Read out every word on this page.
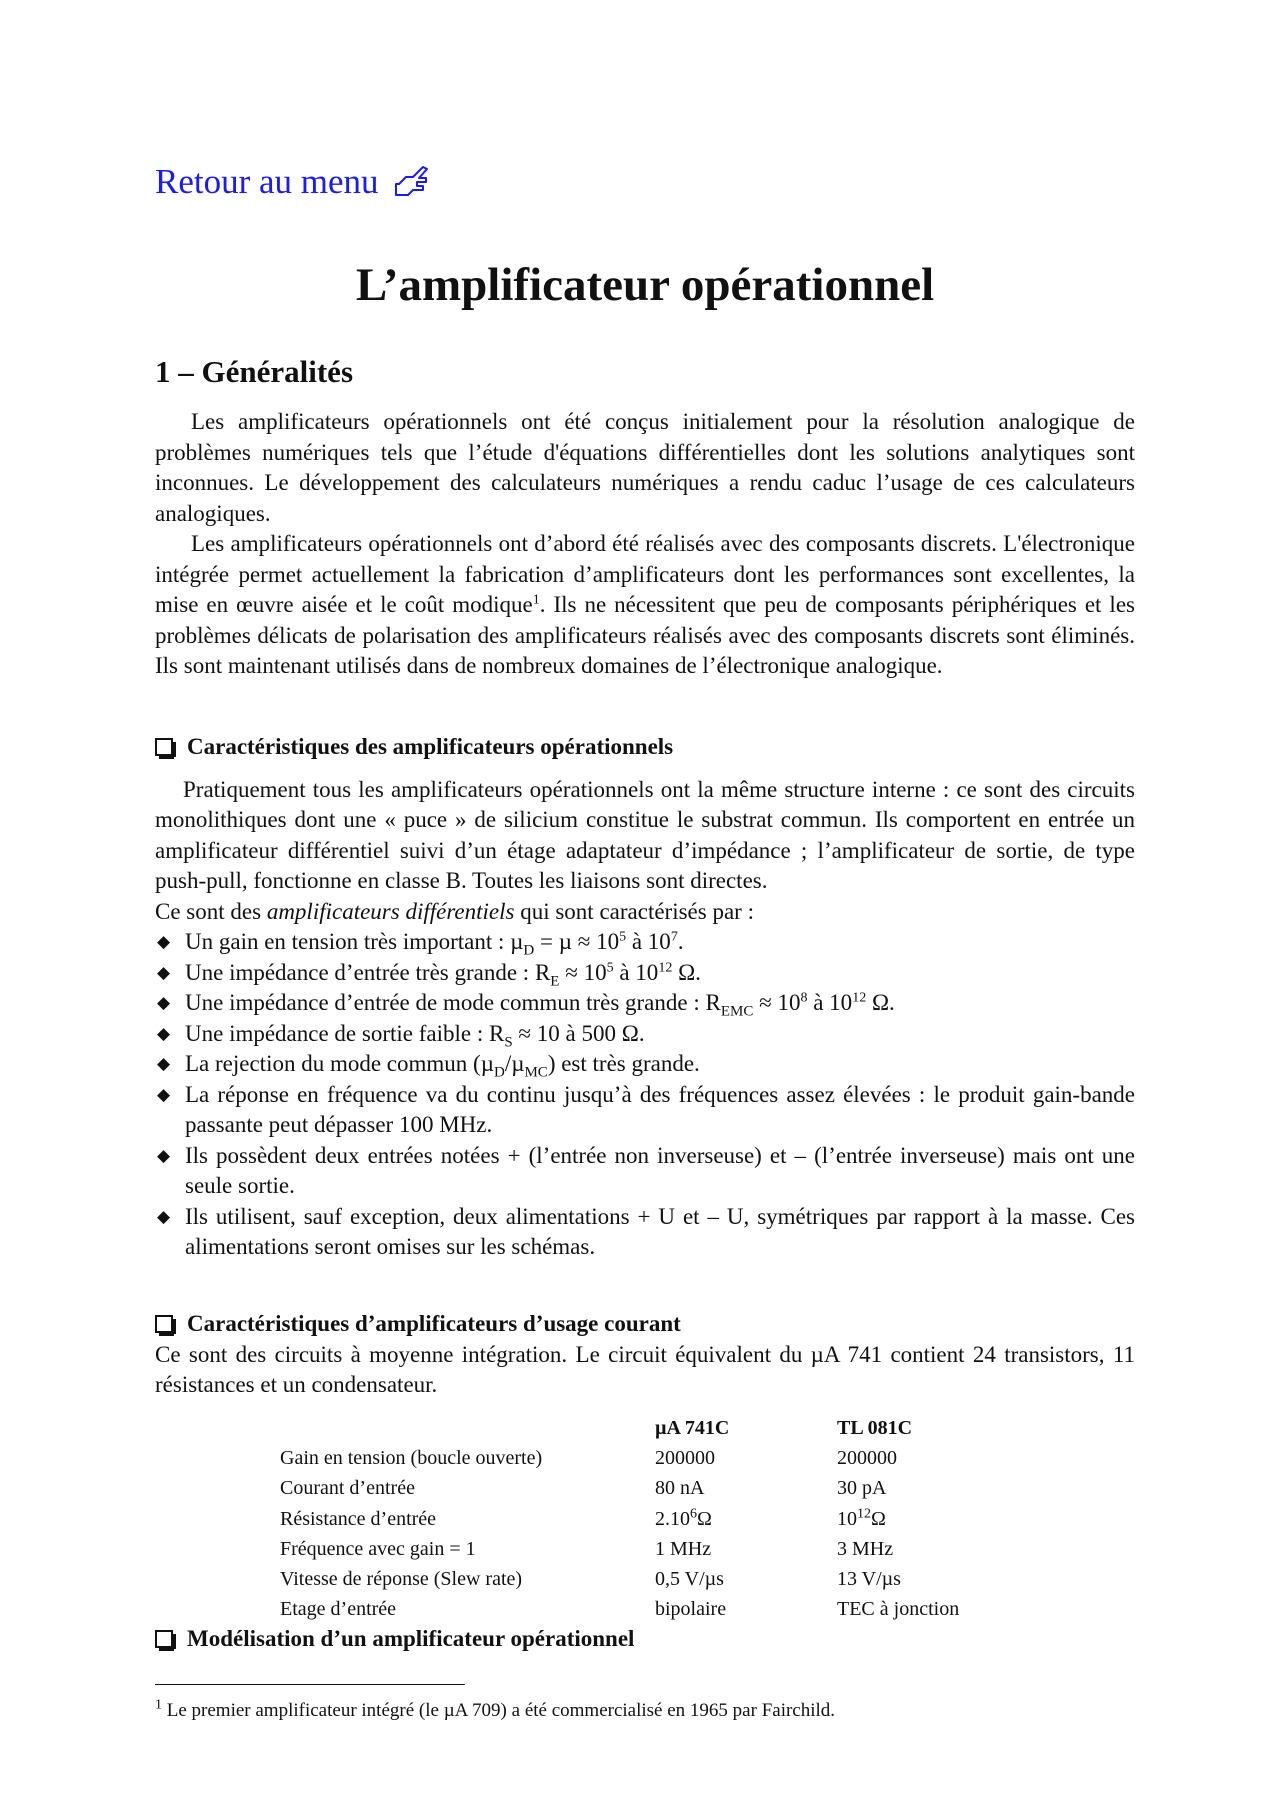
Retour au menu
L’amplificateur opérationnel
1 – Généralités

Les amplificateurs opérationnels ont été conçus initialement pour la résolution analogique de problèmes numériques tels que l’étude d'équations différentielles dont les solutions analytiques sont inconnues. Le développement des calculateurs numériques a rendu caduc l’usage de ces calculateurs analogiques.

Les amplificateurs opérationnels ont d’abord été réalisés avec des composants discrets. L'électronique intégrée permet actuellement la fabrication d’amplificateurs dont les performances sont excellentes, la mise en œuvre aisée et le coût modique$^1$. Ils ne nécessitent que peu de composants périphériques et les problèmes délicats de polarisation des amplificateurs réalisés avec des composants discrets sont éliminés. Ils sont maintenant utilisés dans de nombreux domaines de l’électronique analogique.

Caractéristiques des amplificateurs opérationnels

Pratiquement tous les amplificateurs opérationnels ont la même structure interne : ce sont des circuits monolithiques dont une « puce » de silicium constitue le substrat commun. Ils comportent en entrée un amplificateur différentiel suivi d’un étage adaptateur d’impédance ; l’amplificateur de sortie, de type push-pull, fonctionne en classe B. Toutes les liaisons sont directes.

Ce sont des amplificateurs différentiels qui sont caractérisés par :

◆ Un gain en tension très important : $\mu_D = \mu \approx 10^5$ à $10^7$.
◆ Une impédance d’entrée très grande : $R_E \approx 10^5$ à $10^{12}$ Ω.
◆ Une impédance d’entrée de mode commun très grande : $R_{EMC} \approx 10^8$ à $10^{12}$ Ω.
◆ Une impédance de sortie faible : $R_S \approx 10$ à 500 Ω.
◆ La rejection du mode commun (µ$_D$/µ$_{MC}$) est très grande.
◆ La réponse en fréquence va du continu jusqu’à des fréquences assez élevées : le produit gain-bande passante peut dépasser 100 MHz.
◆ Ils possèdent deux entrées notées + (l’entrée non inverseuse) et – (l’entrée inverseuse) mais ont une seule sortie.
◆ Ils utilisent, sauf exception, deux alimentations + U et – U, symétriques par rapport à la masse. Ces alimentations seront omises sur les schémas.
Caractéristiques d’amplificateurs d’usage courant

Ce sont des circuits à moyenne intégration. Le circuit équivalent du µA 741 contient 24 transistors, 11 résistances et un condensateur.

	µA 741C	TL 081C
Gain en tension (boucle ouverte)	200000	200000
Courant d’entrée	80 nA	30 pA
Résistance d’entrée	2.10$^6$Ω	$10^{12}\Omega$
Fréquence avec gain = 1	1 MHz	3 MHz
Vitesse de réponse (Slew rate)	0,5 V/µs	13 V/µs
Etage d’entrée	bipolaire	TEC à jonction
Modélisation d’un amplificateur opérationnel
$^1$ Le premier amplificateur intégré (le µA 709) a été commercialisé en 1965 par Fairchild.
